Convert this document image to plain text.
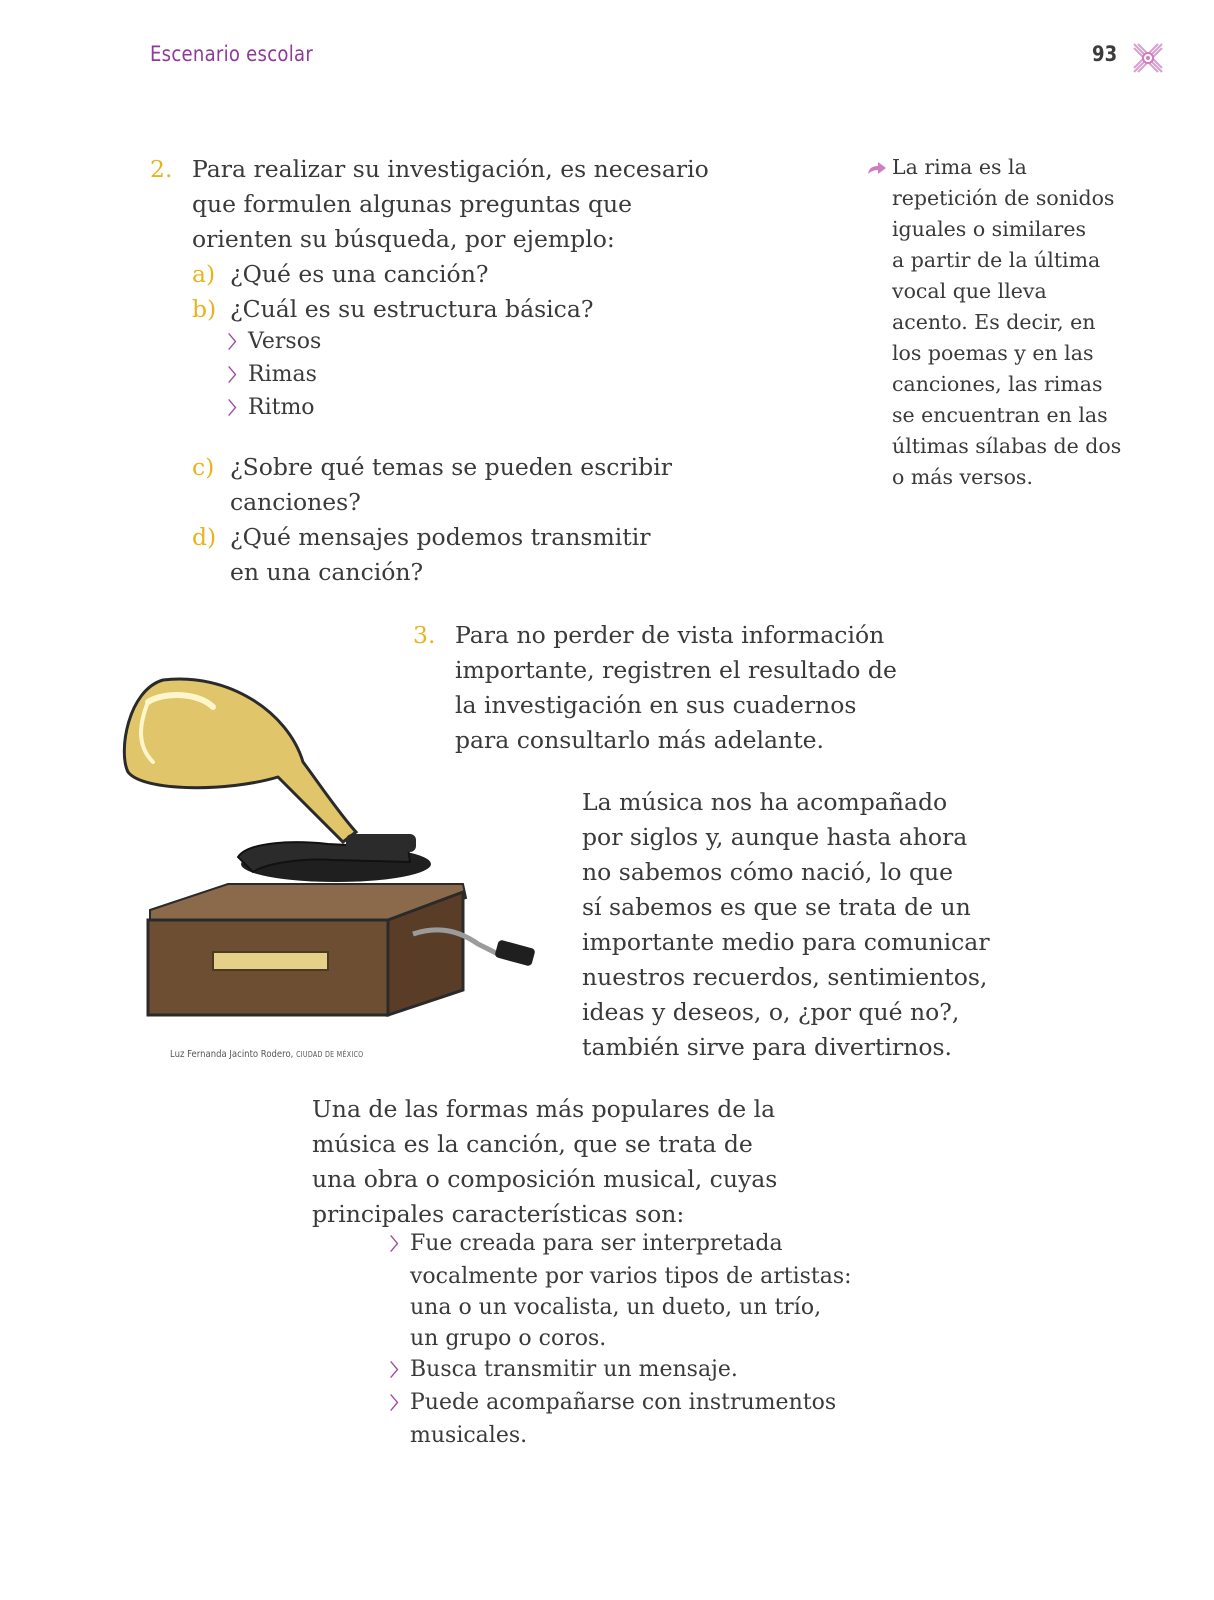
Escenario escolar	93
2. Para realizar su investigación, es necesario
que formulen algunas preguntas que
orienten su búsqueda, por ejemplo:
a) ¿Qué es una canción?
b) ¿Cuál es su estructura básica?
〉 Versos
〉 Rimas
〉 Ritmo
c) ¿Sobre qué temas se pueden escribir
canciones?
d) ¿Qué mensajes podemos transmitir
en una canción?
La rima es la
repetición de sonidos
iguales o similares
a partir de la última
vocal que lleva
acento. Es decir, en
los poemas y en las
canciones, las rimas
se encuentran en las
últimas sílabas de dos
o más versos.
3. Para no perder de vista información
importante, registren el resultado de
la investigación en sus cuadernos
para consultarlo más adelante.
Luz Fernanda Jacinto Rodero, CIUDAD DE MÉXICO
La música nos ha acompañado
por siglos y, aunque hasta ahora
no sabemos cómo nació, lo que
sí sabemos es que se trata de un
importante medio para comunicar
nuestros recuerdos, sentimientos,
ideas y deseos, o, ¿por qué no?,
también sirve para divertirnos.
Una de las formas más populares de la
música es la canción, que se trata de
una obra o composición musical, cuyas
principales características son:
〉 Fue creada para ser interpretada
vocalmente por varios tipos de artistas:
una o un vocalista, un dueto, un trío,
un grupo o coros.
〉 Busca transmitir un mensaje.
〉 Puede acompañarse con instrumentos
musicales.
